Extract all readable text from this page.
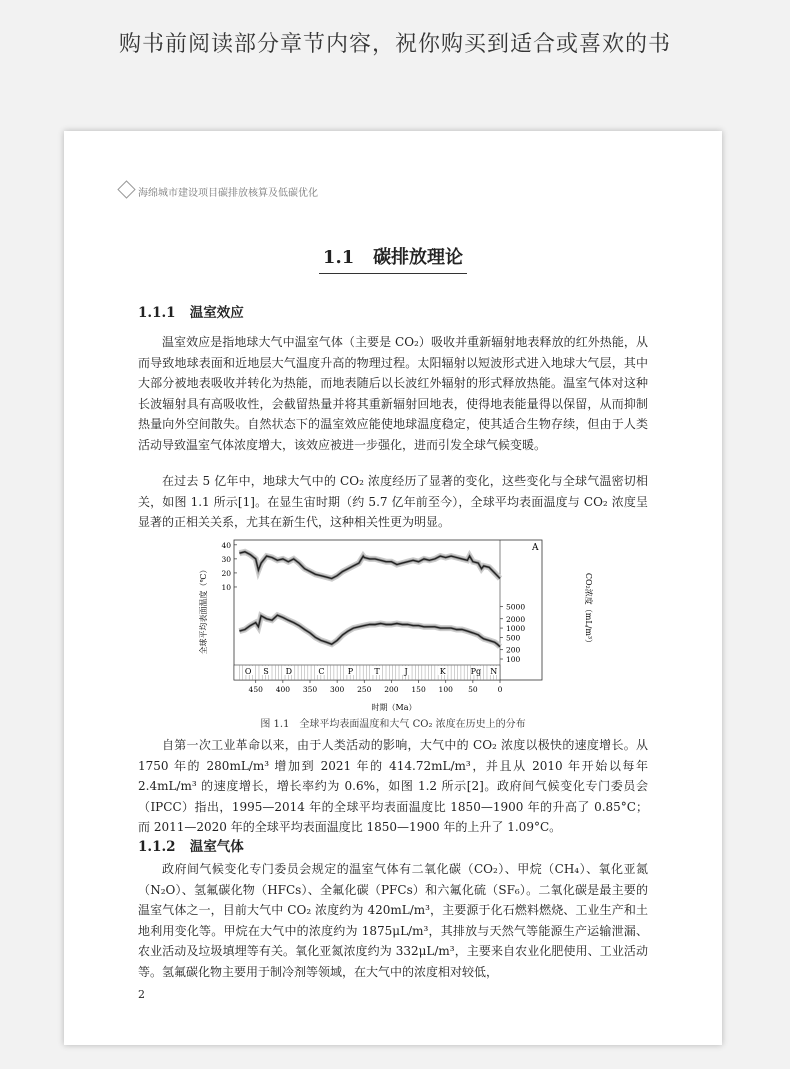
购书前阅读部分章节内容，祝你购买到适合或喜欢的书
海绵城市建设项目碳排放核算及低碳优化
1.1 碳排放理论
1.1.1 温室效应

温室效应是指地球大气中温室气体（主要是 CO₂）吸收并重新辐射地表释放的红外热能，从而导致地球表面和近地层大气温度升高的物理过程。太阳辐射以短波形式进入地球大气层，其中大部分被地表吸收并转化为热能，而地表随后以长波红外辐射的形式释放热能。温室气体对这种长波辐射具有高吸收性，会截留热量并将其重新辐射回地表，使得地表能量得以保留，从而抑制热量向外空间散失。自然状态下的温室效应能使地球温度稳定，使其适合生物存续，但由于人类活动导致温室气体浓度增大，该效应被进一步强化，进而引发全球气候变暖。

在过去 5 亿年中，地球大气中的 CO₂ 浓度经历了显著的变化，这些变化与全球气温密切相关，如图 1.1 所示[1]。在显生宙时期（约 5.7 亿年前至今），全球平均表面温度与 CO₂ 浓度呈显著的正相关关系，尤其在新生代，这种相关性更为明显。

10
20
30
40
100
200
500
1000
2000
5000
O S D	C	P	T	J	K	Pg N
450 400 350 300 250 200 150 100 50	0
A
时期（Ma）
全球平均表面温度（℃）	CO₂浓度（mL/m³）
图 1.1　全球平均表面温度和大气 CO₂ 浓度在历史上的分布

自第一次工业革命以来，由于人类活动的影响，大气中的 CO₂ 浓度以极快的速度增长。从 1750 年的 280mL/m³ 增加到 2021 年的 414.72mL/m³，并且从 2010 年开始以每年 2.4mL/m³ 的速度增长，增长率约为 0.6%，如图 1.2 所示[2]。政府间气候变化专门委员会（IPCC）指出，1995—2014 年的全球平均表面温度比 1850—1900 年的升高了 0.85°C；而 2011—2020 年的全球平均表面温度比 1850—1900 年的上升了 1.09°C。

1.1.2 温室气体

政府间气候变化专门委员会规定的温室气体有二氧化碳（CO₂）、甲烷（CH₄）、氧化亚氮（N₂O）、氢氟碳化物（HFCs）、全氟化碳（PFCs）和六氟化硫（SF₆）。二氧化碳是最主要的温室气体之一，目前大气中 CO₂ 浓度约为 420mL/m³，主要源于化石燃料燃烧、工业生产和土地利用变化等。甲烷在大气中的浓度约为 1875μL/m³，其排放与天然气等能源生产运输泄漏、农业活动及垃圾填埋等有关。氧化亚氮浓度约为 332μL/m³，主要来自农业化肥使用、工业活动等。氢氟碳化物主要用于制冷剂等领域，在大气中的浓度相对较低，

2
